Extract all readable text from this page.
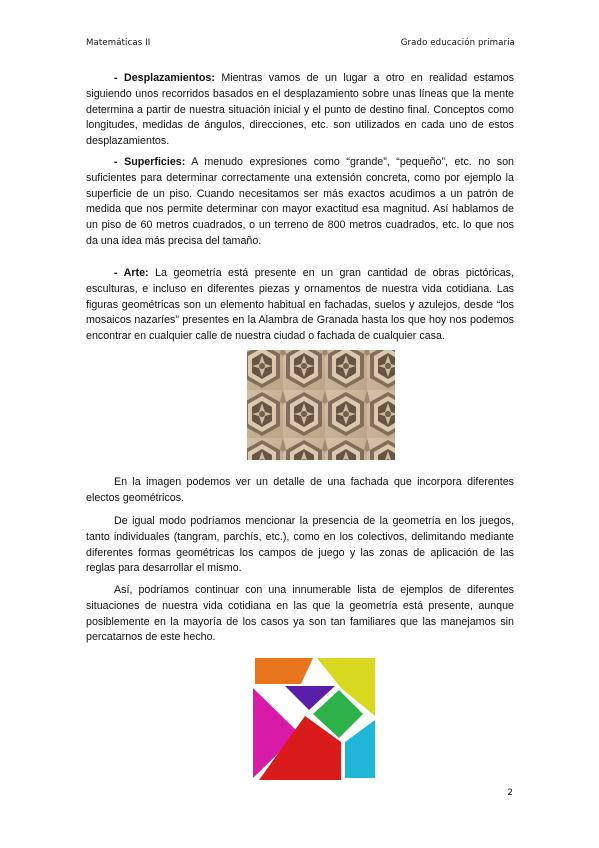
Matemáticas II	Grado educación primaria

- Desplazamientos: Mientras vamos de un lugar a otro en realidad estamos siguiendo unos recorridos basados en el desplazamiento sobre unas líneas que la mente determina a partir de nuestra situación inicial y el punto de destino final. Conceptos como longitudes, medidas de ángulos, direcciones, etc. son utilizados en cada uno de estos desplazamientos.

- Superficies: A menudo expresiones como “grande”, “pequeño”, etc. no son suficientes para determinar correctamente una extensión concreta, como por ejemplo la superficie de un piso. Cuando necesitamos ser más exactos acudimos a un patrón de medida que nos permite determinar con mayor exactitud esa magnitud. Así hablamos de un piso de 60 metros cuadrados, o un terreno de 800 metros cuadrados, etc. lo que nos da una idea más precisa del tamaño.

- Arte: La geometría está presente en un gran cantidad de obras pictóricas, esculturas, e incluso en diferentes piezas y ornamentos de nuestra vida cotidiana. Las figuras geométricas son un elemento habitual en fachadas, suelos y azulejos, desde “los mosaicos nazaríes” presentes en la Alambra de Granada hasta los que hoy nos podemos encontrar en cualquier calle de nuestra ciudad o fachada de cualquier casa.

En la imagen podemos ver un detalle de una fachada que incorpora diferentes electos geométricos.

De igual modo podríamos mencionar la presencia de la geometría en los juegos, tanto individuales (tangram, parchís, etc.), como en los colectivos, delimitando mediante diferentes formas geométricas los campos de juego y las zonas de aplicación de las reglas para desarrollar el mismo.

Así, podríamos continuar con una innumerable lista de ejemplos de diferentes situaciones de nuestra vida cotidiana en las que la geometría está presente, aunque posiblemente en la mayoría de los casos ya son tan familiares que las manejamos sin percatarnos de este hecho.

2
